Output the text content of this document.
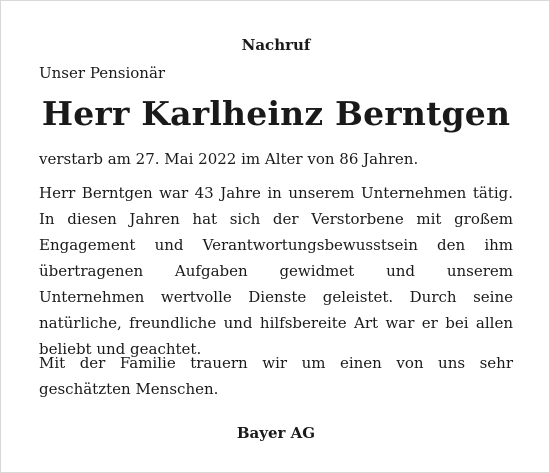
Nachruf
Unser Pensionär
Herr Karlheinz Berntgen
verstarb am 27. Mai 2022 im Alter von 86 Jahren.

Herr Berntgen war 43 Jahre in unserem Unternehmen tätig. In diesen Jahren hat sich der Verstorbene mit großem Engagement und Verantwortungsbewusstsein den ihm übertragenen Aufgaben gewidmet und unserem Unternehmen wertvolle Dienste geleistet. Durch seine natürliche, freundliche und hilfsbereite Art war er bei allen beliebt und geachtet.

Mit der Familie trauern wir um einen von uns sehr geschätzten Menschen.

Bayer AG
